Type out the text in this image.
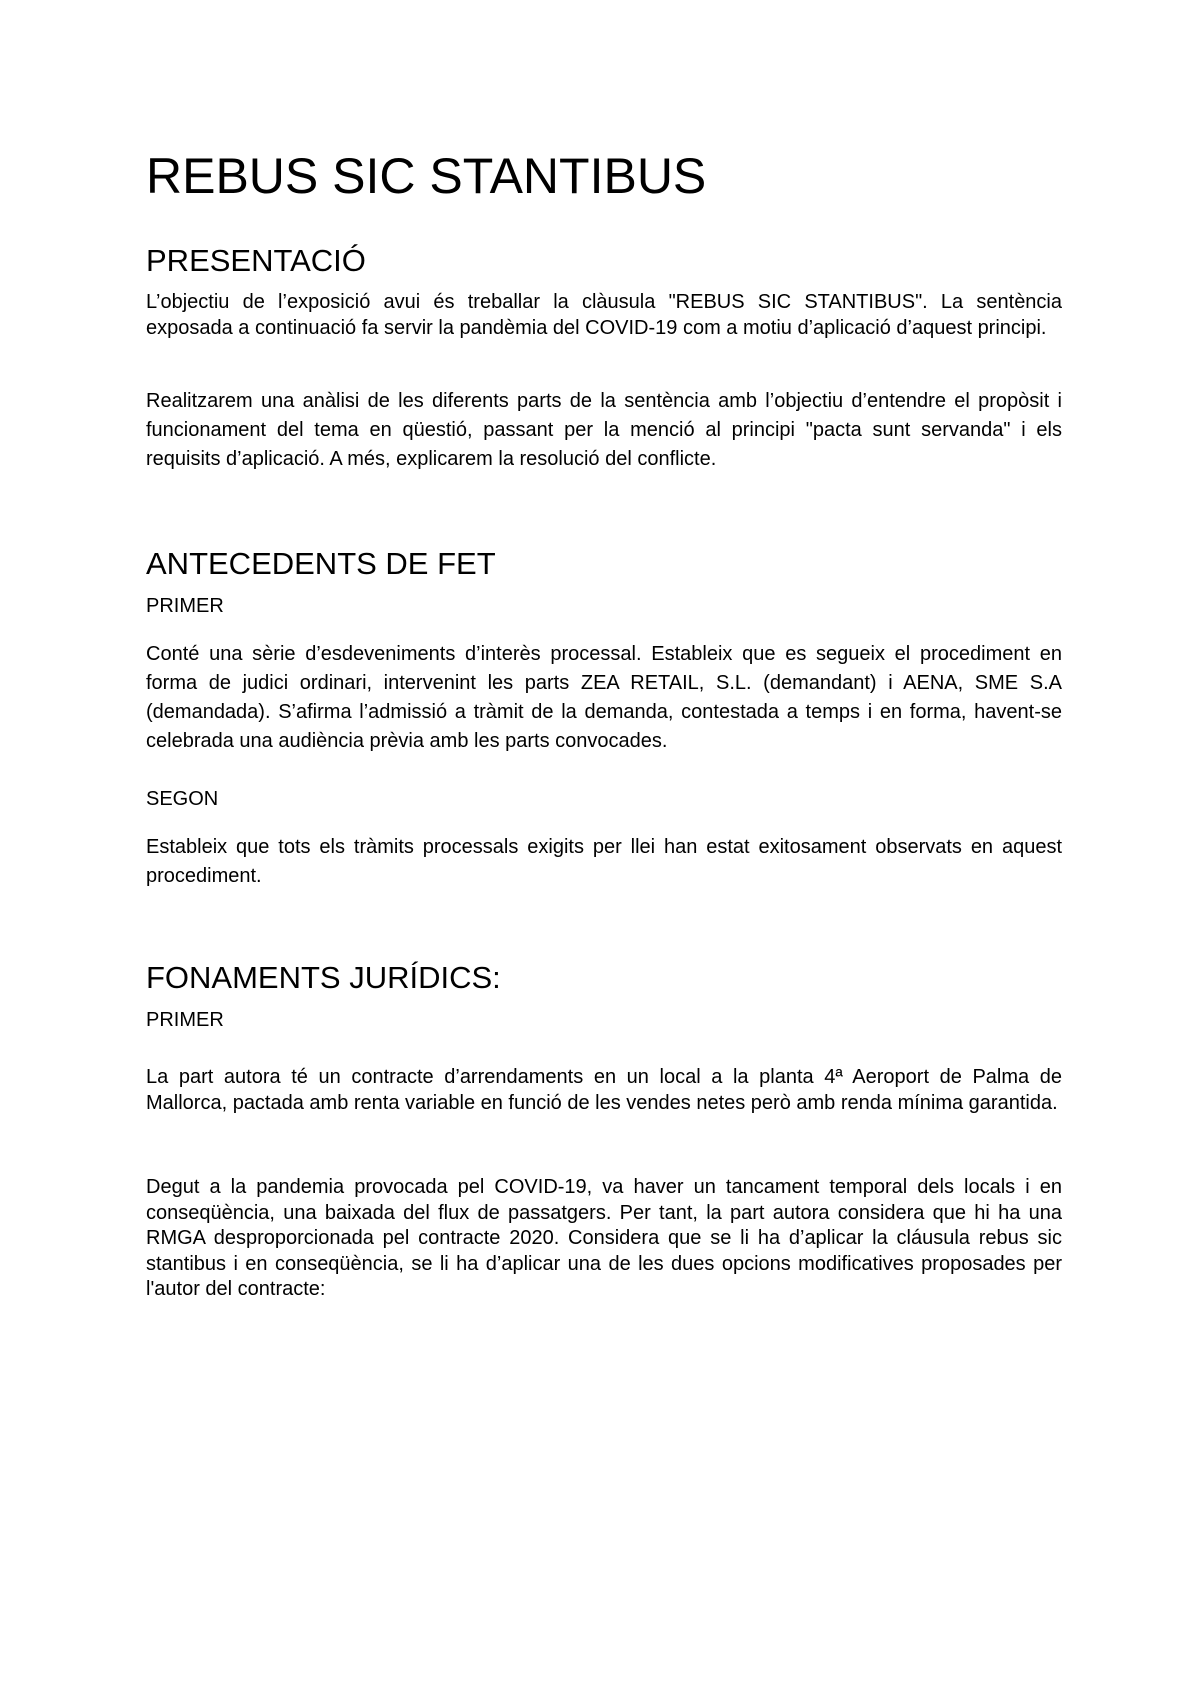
REBUS SIC STANTIBUS
PRESENTACIÓ

L’objectiu de l’exposició avui és treballar la clàusula "REBUS SIC STANTIBUS". La sentència exposada a continuació fa servir la pandèmia del COVID-19 com a motiu d’aplicació d’aquest principi.

Realitzarem una anàlisi de les diferents parts de la sentència amb l’objectiu d’entendre el propòsit i funcionament del tema en qüestió, passant per la menció al principi "pacta sunt servanda" i els requisits d’aplicació. A més, explicarem la resolució del conflicte.

ANTECEDENTS DE FET

PRIMER

Conté una sèrie d’esdeveniments d’interès processal. Estableix que es segueix el procediment en forma de judici ordinari, intervenint les parts ZEA RETAIL, S.L. (demandant) i AENA, SME S.A (demandada). S’afirma l’admissió a tràmit de la demanda, contestada a temps i en forma, havent-se celebrada una audiència prèvia amb les parts convocades.

SEGON

Estableix que tots els tràmits processals exigits per llei han estat exitosament observats en aquest procediment.

FONAMENTS JURÍDICS:

PRIMER

La part autora té un contracte d’arrendaments en un local a la planta 4ª Aeroport de Palma de Mallorca, pactada amb renta variable en funció de les vendes netes però amb renda mínima garantida.

Degut a la pandemia provocada pel COVID-19, va haver un tancament temporal dels locals i en conseqüència, una baixada del flux de passatgers. Per tant, la part autora considera que hi ha una RMGA desproporcionada pel contracte 2020. Considera que se li ha d’aplicar la cláusula rebus sic stantibus i en conseqüència, se li ha d’aplicar una de les dues opcions modificatives proposades per l'autor del contracte:
